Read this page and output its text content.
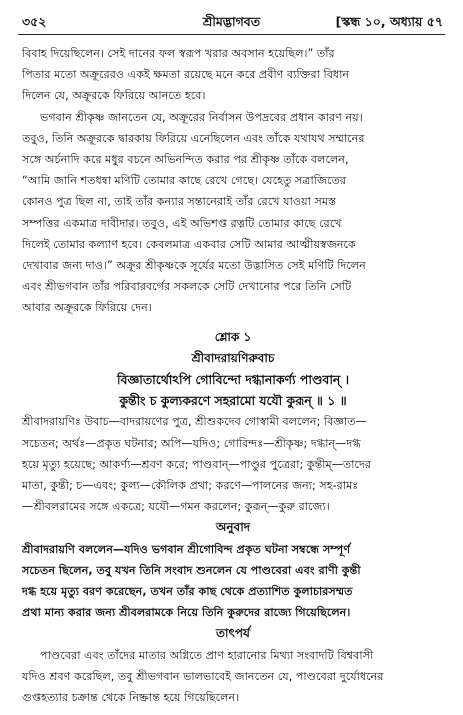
৩৫২	শ্রীমদ্ভাগবত	[স্কন্ধ ১০, অধ্যায় ৫৭

বিবাহ দিয়েছিলেন। সেই দানের ফল স্বরূপ খরার অবসান হয়েছিল।” তাঁর

পিতার মতো অক্রূরেরও একই ক্ষমতা রয়েছে মনে করে প্রবীণ ব্যক্তিরা বিধান

দিলেন যে, অক্রূরকে ফিরিয়ে আনতে হবে।

ভগবান শ্রীকৃষ্ণ জানতেন যে, অক্রূরের নির্বাসন উপদ্রবের প্রধান কারণ নয়।

তবুও, তিনি অক্রূরকে দ্বারকায় ফিরিয়ে এনেছিলেন এবং তাঁকে যথাযথ সম্মানের

সঙ্গে অর্চনাদি করে মধুর বচনে অভিনন্দিত করার পর শ্রীকৃষ্ণ তাঁকে বললেন,

“আমি জানি শতধন্বা মণিটি তোমার কাছে রেখে গেছে। যেহেতু সত্রাজিতের

কোনও পুত্র ছিল না, তাই তাঁর কন্যার সন্তানেরাই তাঁর রেখে যাওয়া সমস্ত

সম্পত্তির একমাত্র দাবীদার। তবুও, এই অভিশপ্ত রত্নটি তোমার কাছে রেখে

দিলেই তোমার কল্যাণ হবে। কেবলমাত্র একবার সেটি আমার আত্মীয়স্বজনকে

দেখাবার জন্য দাও।” অক্রূর শ্রীকৃষ্ণকে সূর্যের মতো উদ্ভাসিত সেই মণিটি দিলেন

এবং শ্রীভগবান তাঁর পরিবারবর্গের সকলকে সেটি দেখানোর পরে তিনি সেটি

আবার অক্রূরকে ফিরিয়ে দেন।

শ্লোক ১

শ্রীবাদরায়ণিরুবাচ

বিজ্ঞাতার্থোঽপি গোবিন্দো দগ্ধানাকর্ণ্য পাণ্ডবান্ ।

কুন্তীং চ কুল্যকরণে সহরামো যযৌ কুরূন্ ॥ ১ ॥

শ্রীবাদরায়ণিঃ উবাচ—বাদরায়ণের পুত্র, শ্রীশুকদেব গোস্বামী বললেন; বিজ্ঞাত—

সচেতন; অর্থঃ—প্রকৃত ঘটনার; অপি—যদিও; গোবিন্দঃ—শ্রীকৃষ্ণ; দগ্ধান্—দগ্ধ

হয়ে মৃত্যু হয়েছে; আকর্ণ্য—শ্রবণ করে; পাণ্ডবান্—পাণ্ডুর পুত্রেরা; কুন্তীম্—তাদের

মাতা, কুন্তী; চ—এবং; কুল্য—কৌলিক প্রথা; করণে—পালনের জন্য; সহ-রামঃ

—শ্রীবলরামের সঙ্গে একত্রে; যযৌ—গমন করলেন; কুরূন্—কুরু রাজ্যে।

অনুবাদ

শ্রীবাদরায়ণি বললেন—যদিও ভগবান শ্রীগোবিন্দ প্রকৃত ঘটনা সম্বন্ধে সম্পূর্ণ

সচেতন ছিলেন, তবু যখন তিনি সংবাদ শুনলেন যে পাণ্ডবেরা এবং রাণী কুন্তী

দগ্ধ হয়ে মৃত্যু বরণ করেছেন, তখন তাঁর কাছ থেকে প্রত্যাশিত কুলাচারসম্মত

প্রথা মান্য করার জন্য শ্রীবলরামকে নিয়ে তিনি কুরুদের রাজ্যে গিয়েছিলেন।

তাৎপর্য

পাণ্ডবেরা এবং তাঁদের মাতার অগ্নিতে প্রাণ হারানোর মিথ্যা সংবাদটি বিশ্ববাসী

যদিও শ্রবণ করেছিল, তবু শ্রীভগবান ভালভাবেই জানতেন যে, পাণ্ডবেরা দুর্যোধনের

গুপ্তহত্যার চক্রান্ত থেকে নিষ্ক্রান্ত হয়ে গিয়েছিলেন।
